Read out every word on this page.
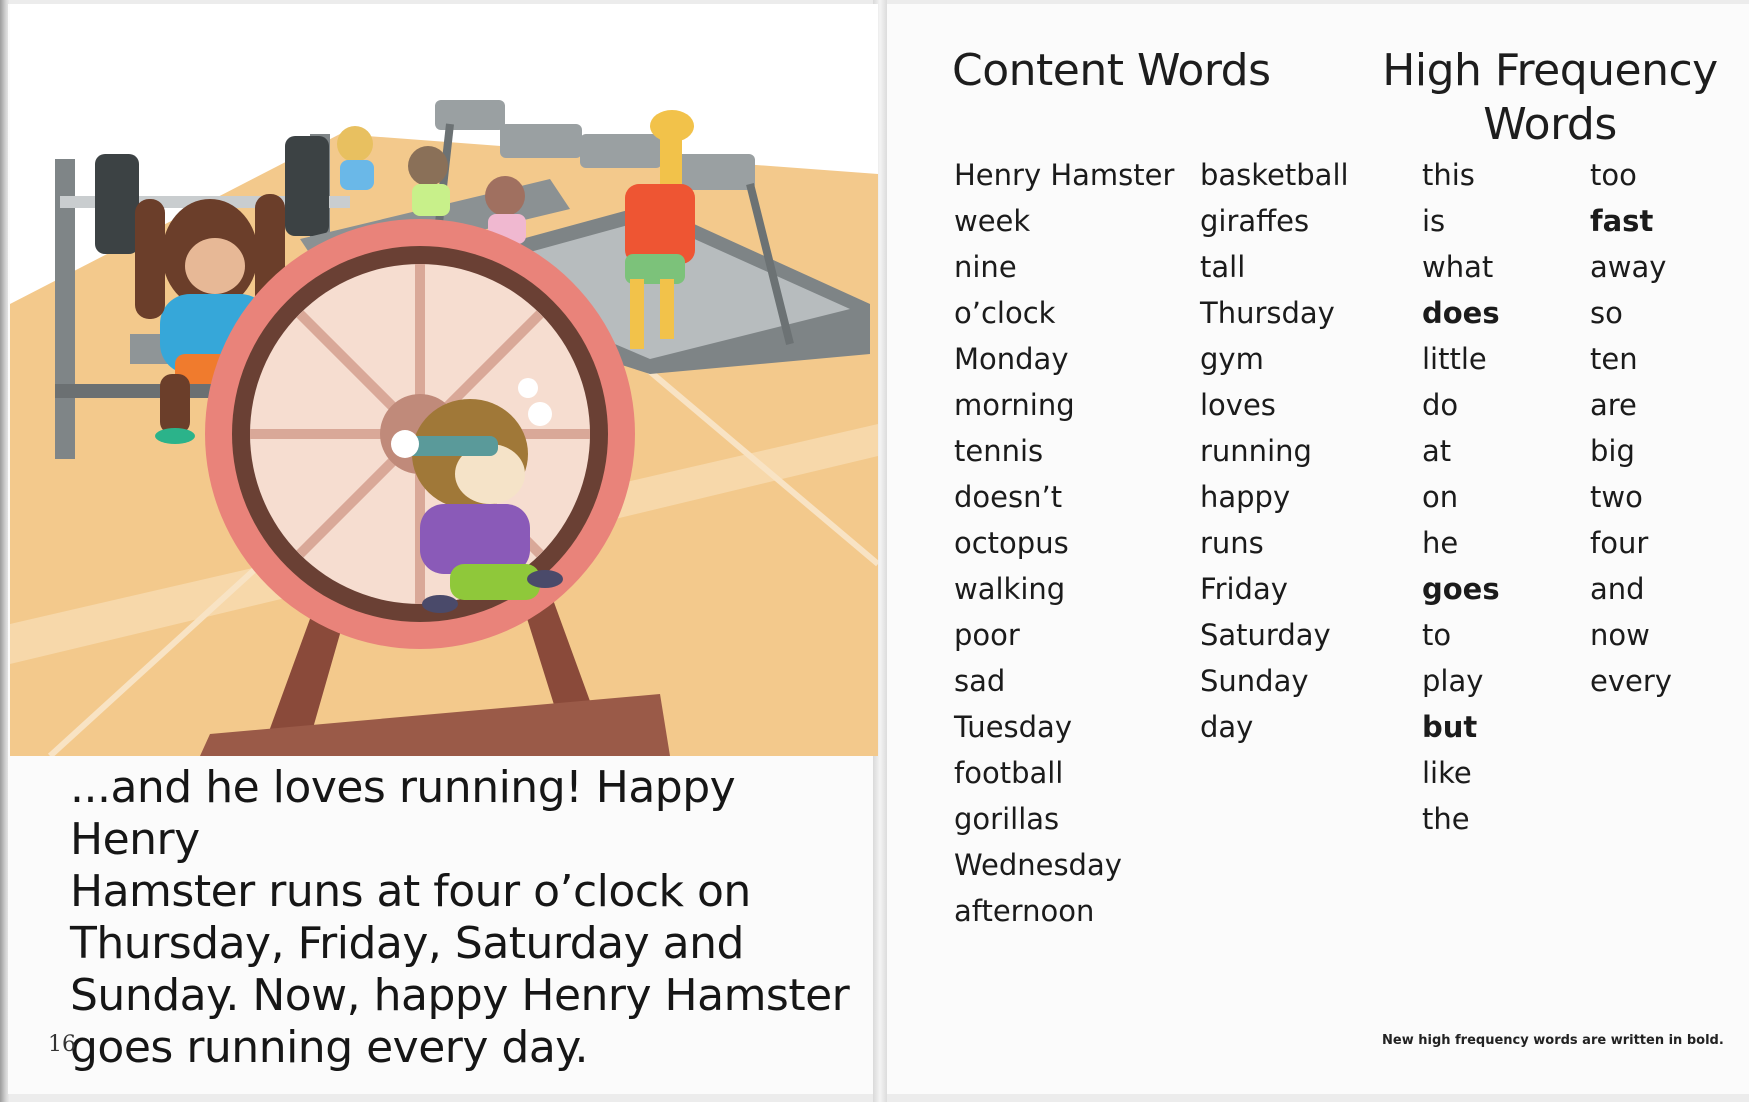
...and he loves running! Happy Henry
Hamster runs at four o’clock on
Thursday, Friday, Saturday and
Sunday. Now, happy Henry Hamster
goes running every day.
16
Content Words	High Frequency
Words
Henry Hamster
week
nine
o’clock
Monday
morning
tennis
doesn’t
octopus
walking
poor
sad
Tuesday
football
gorillas
Wednesday
afternoon
basketball
giraffes
tall
Thursday
gym
loves
running
happy
runs
Friday
Saturday
Sunday
day
this
is
what
does
little
do
at
on
he
goes
to
play
but
like
the
too
fast
away
so
ten
are
big
two
four
and
now
every
New high frequency words are written in bold.
